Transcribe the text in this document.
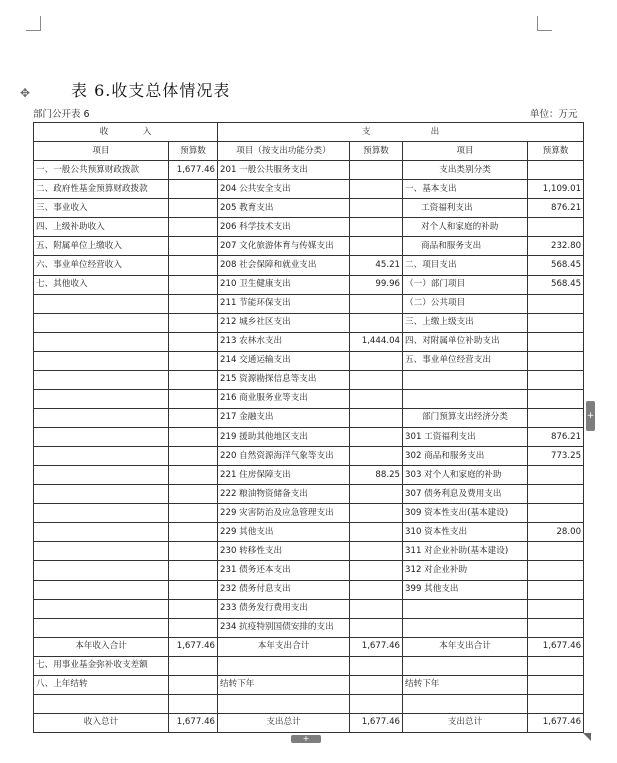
✥	表 6.收支总体情况表
部门公开表 6	单位：万元
收　　　　入		支　　　　　　　出			
项目	预算数	项目（按支出功能分类）	预算数	项目	预算数
一、一般公共预算财政拨款	1,677.46	201 一般公共服务支出		支出类别分类	
二、政府性基金预算财政拨款		204 公共安全支出		一、基本支出	1,109.01
三、事业收入		205 教育支出		工资福利支出	876.21
四、上级补助收入		206 科学技术支出		对个人和家庭的补助	
五、附属单位上缴收入		207 文化旅游体育与传媒支出		商品和服务支出	232.80
六、事业单位经营收入		208 社会保障和就业支出	45.21	二、项目支出	568.45
七、其他收入		210 卫生健康支出	99.96	（一）部门项目	568.45
		211 节能环保支出		（二）公共项目	
		212 城乡社区支出		三、上缴上级支出	
		213 农林水支出	1,444.04	四、对附属单位补助支出	
		214 交通运输支出		五、事业单位经营支出	
		215 资源勘探信息等支出			
		216 商业服务业等支出			
		217 金融支出		部门预算支出经济分类	
		219 援助其他地区支出		301 工资福利支出	876.21
		220 自然资源海洋气象等支出		302 商品和服务支出	773.25
		221 住房保障支出	88.25	303 对个人和家庭的补助	
		222 粮油物资储备支出		307 债务利息及费用支出	
		229 灾害防治及应急管理支出		309 资本性支出(基本建设)	
		229 其他支出		310 资本性支出	28.00
		230 转移性支出		311 对企业补助(基本建设)	
		231 债务还本支出		312 对企业补助	
		232 债务付息支出		399 其他支出	
		233 债务发行费用支出			
		234 抗疫特别国债安排的支出			
本年收入合计	1,677.46	本年支出合计	1,677.46	本年支出合计	1,677.46
七、用事业基金弥补收支差额					
八、上年结转		结转下年		结转下年	

收入总计	1,677.46	支出总计	1,677.46	支出总计	1,677.46
+
+
